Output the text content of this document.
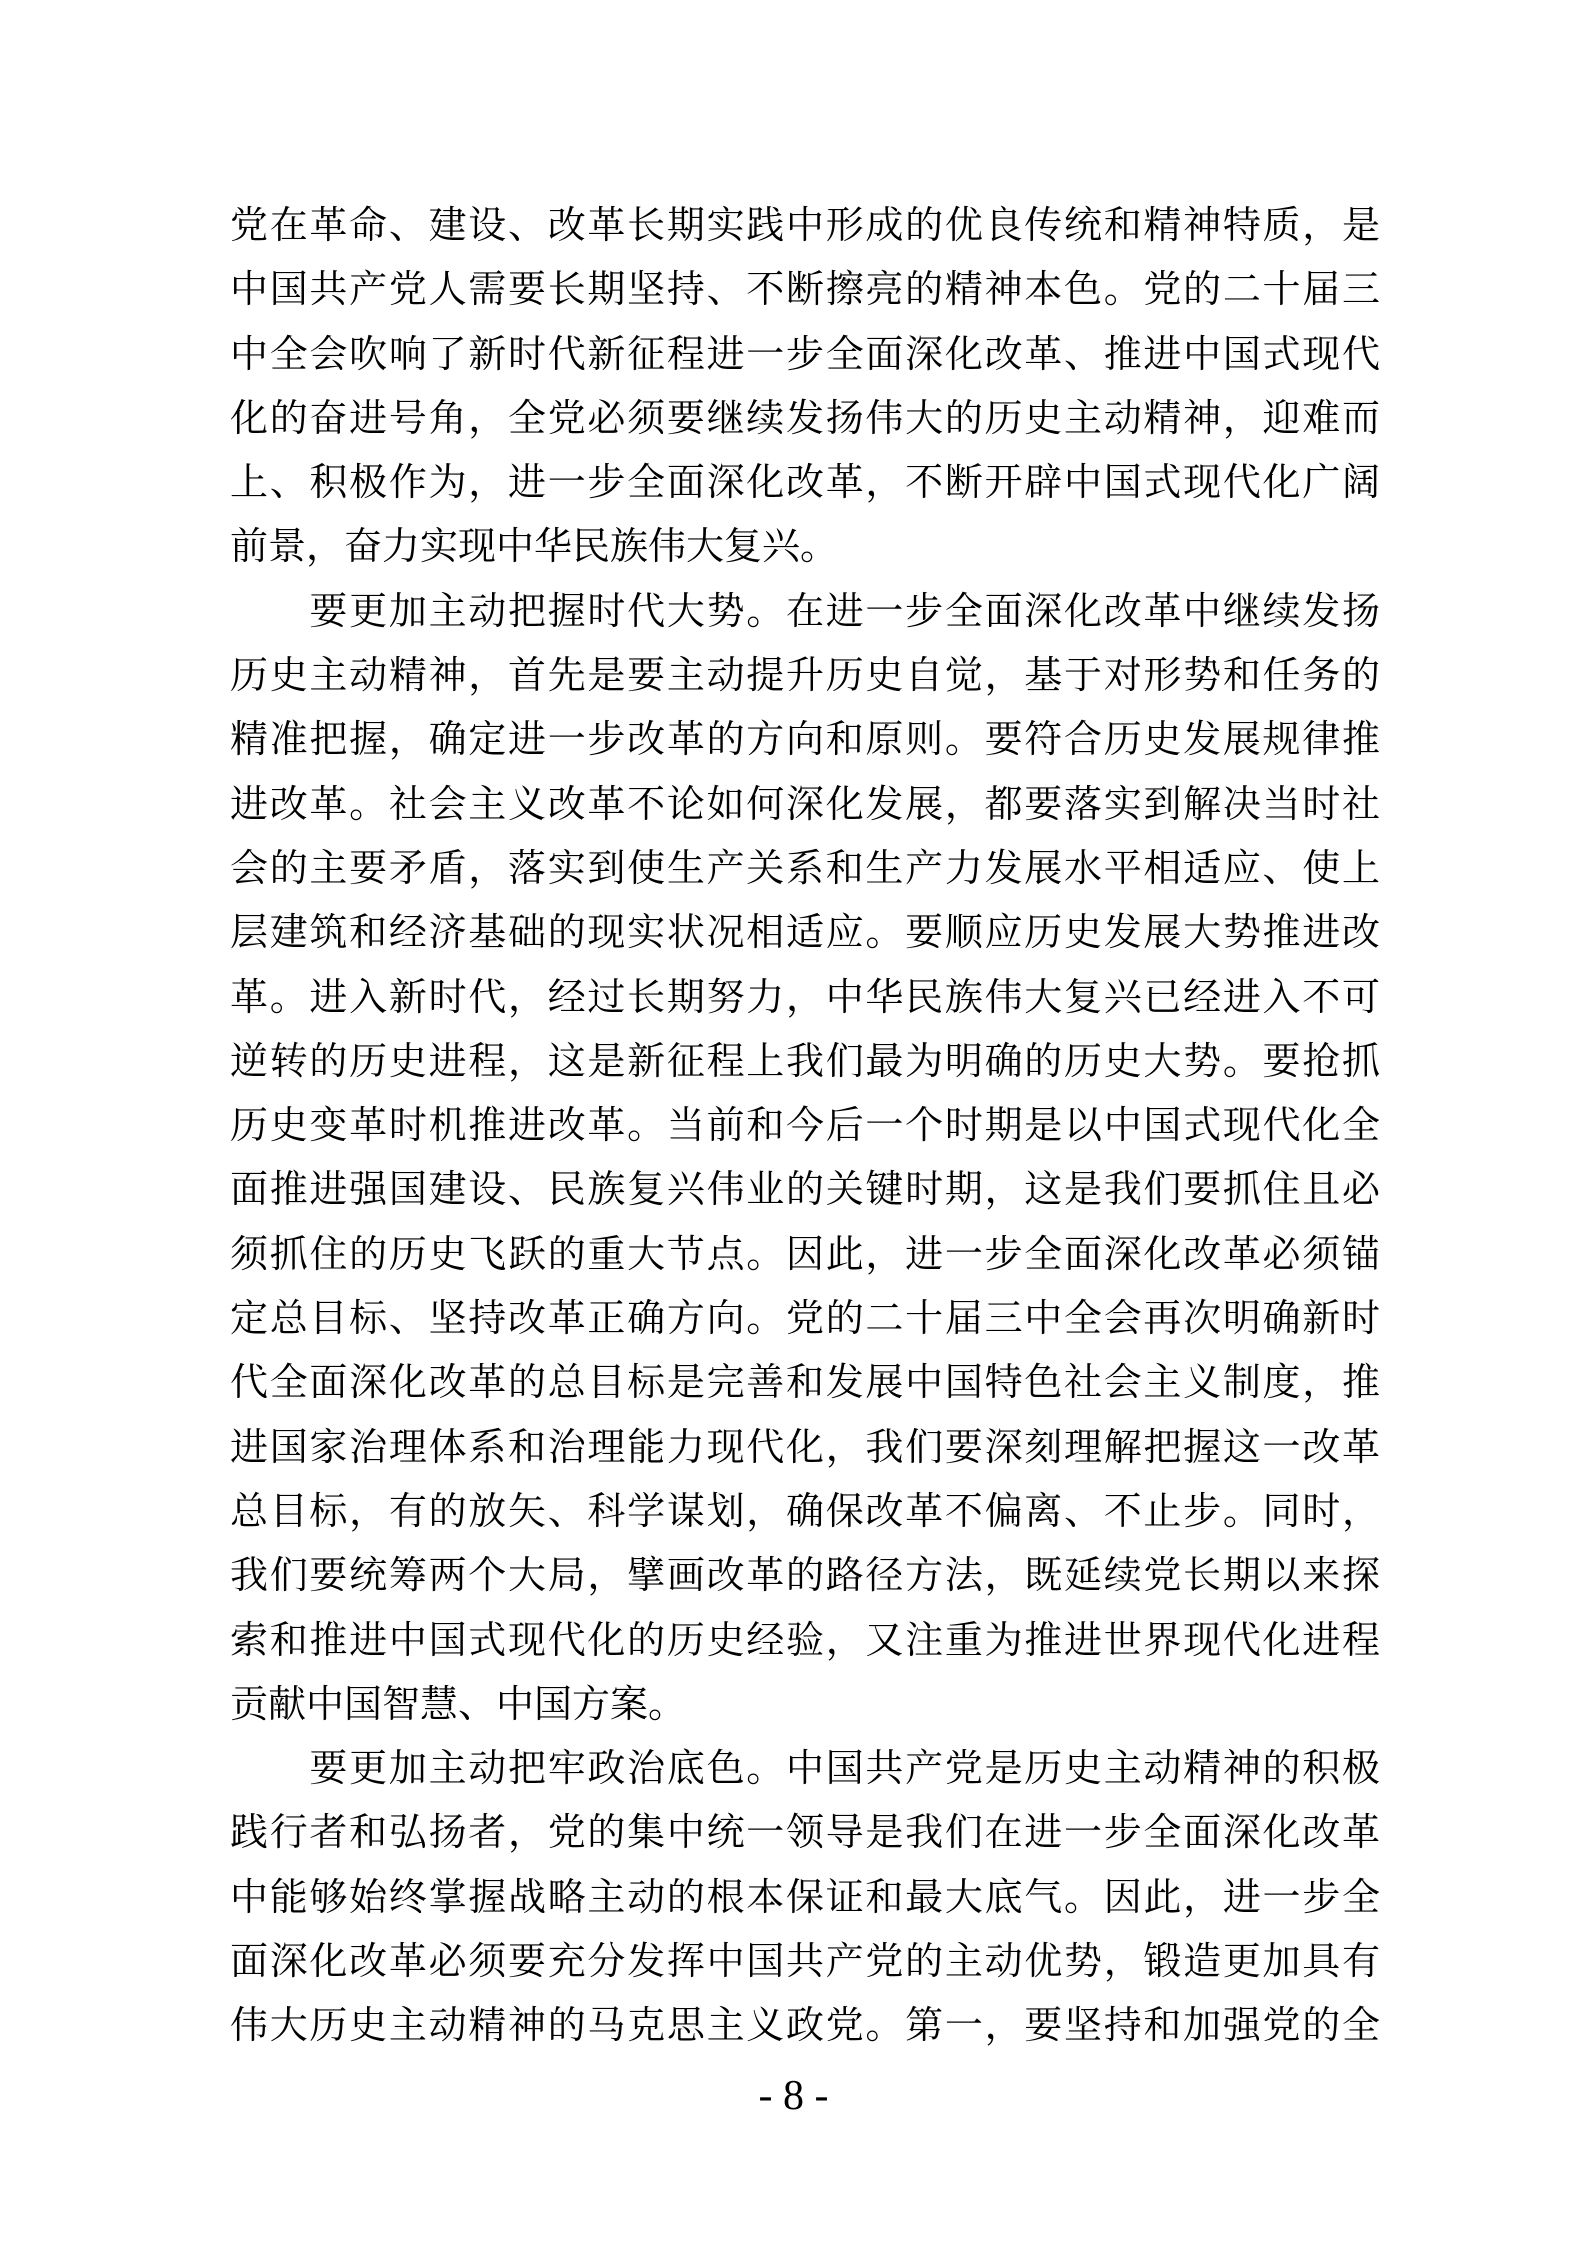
党在革命、建设、改革长期实践中形成的优良传统和精神特质，是
中国共产党人需要长期坚持、不断擦亮的精神本色。党的二十届三
中全会吹响了新时代新征程进一步全面深化改革、推进中国式现代
化的奋进号角，全党必须要继续发扬伟大的历史主动精神，迎难而
上、积极作为，进一步全面深化改革，不断开辟中国式现代化广阔
前景，奋力实现中华民族伟大复兴。
　　要更加主动把握时代大势。在进一步全面深化改革中继续发扬
历史主动精神，首先是要主动提升历史自觉，基于对形势和任务的
精准把握，确定进一步改革的方向和原则。要符合历史发展规律推
进改革。社会主义改革不论如何深化发展，都要落实到解决当时社
会的主要矛盾，落实到使生产关系和生产力发展水平相适应、使上
层建筑和经济基础的现实状况相适应。要顺应历史发展大势推进改
革。进入新时代，经过长期努力，中华民族伟大复兴已经进入不可
逆转的历史进程，这是新征程上我们最为明确的历史大势。要抢抓
历史变革时机推进改革。当前和今后一个时期是以中国式现代化全
面推进强国建设、民族复兴伟业的关键时期，这是我们要抓住且必
须抓住的历史飞跃的重大节点。因此，进一步全面深化改革必须锚
定总目标、坚持改革正确方向。党的二十届三中全会再次明确新时
代全面深化改革的总目标是完善和发展中国特色社会主义制度，推
进国家治理体系和治理能力现代化，我们要深刻理解把握这一改革
总目标，有的放矢、科学谋划，确保改革不偏离、不止步。同时，
我们要统筹两个大局，擘画改革的路径方法，既延续党长期以来探
索和推进中国式现代化的历史经验，又注重为推进世界现代化进程
贡献中国智慧、中国方案。
　　要更加主动把牢政治底色。中国共产党是历史主动精神的积极
践行者和弘扬者，党的集中统一领导是我们在进一步全面深化改革
中能够始终掌握战略主动的根本保证和最大底气。因此，进一步全
面深化改革必须要充分发挥中国共产党的主动优势，锻造更加具有
伟大历史主动精神的马克思主义政党。第一，要坚持和加强党的全
- 8 -
